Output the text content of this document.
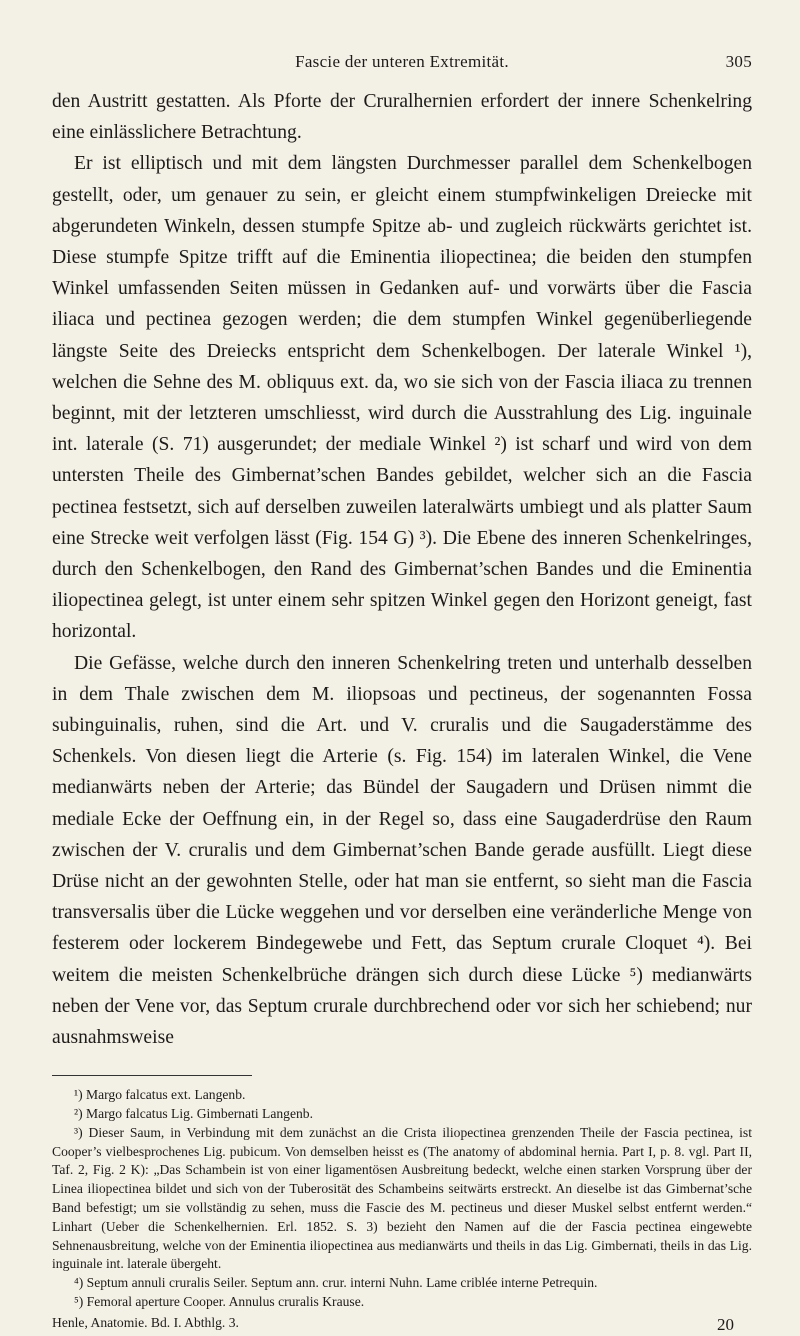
Fascie der unteren Extremität.	305

den Austritt gestatten. Als Pforte der Cruralhernien erfordert der innere Schenkelring eine einlässlichere Betrachtung.

Er ist elliptisch und mit dem längsten Durchmesser parallel dem Schenkelbogen gestellt, oder, um genauer zu sein, er gleicht einem stumpfwinkeligen Dreiecke mit abgerundeten Winkeln, dessen stumpfe Spitze ab- und zugleich rückwärts gerichtet ist. Diese stumpfe Spitze trifft auf die Eminentia iliopectinea; die beiden den stumpfen Winkel umfassenden Seiten müssen in Gedanken auf- und vorwärts über die Fascia iliaca und pectinea gezogen werden; die dem stumpfen Winkel gegenüberliegende längste Seite des Dreiecks entspricht dem Schenkelbogen. Der laterale Winkel ¹), welchen die Sehne des M. obliquus ext. da, wo sie sich von der Fascia iliaca zu trennen beginnt, mit der letzteren umschliesst, wird durch die Ausstrahlung des Lig. inguinale int. laterale (S. 71) ausgerundet; der mediale Winkel ²) ist scharf und wird von dem untersten Theile des Gimbernat’schen Bandes gebildet, welcher sich an die Fascia pectinea festsetzt, sich auf derselben zuweilen lateralwärts umbiegt und als platter Saum eine Strecke weit verfolgen lässt (Fig. 154 G) ³). Die Ebene des inneren Schenkelringes, durch den Schenkelbogen, den Rand des Gimbernat’schen Bandes und die Eminentia iliopectinea gelegt, ist unter einem sehr spitzen Winkel gegen den Horizont geneigt, fast horizontal.

Die Gefässe, welche durch den inneren Schenkelring treten und unterhalb desselben in dem Thale zwischen dem M. iliopsoas und pectineus, der sogenannten Fossa subinguinalis, ruhen, sind die Art. und V. cruralis und die Saugaderstämme des Schenkels. Von diesen liegt die Arterie (s. Fig. 154) im lateralen Winkel, die Vene medianwärts neben der Arterie; das Bündel der Saugadern und Drüsen nimmt die mediale Ecke der Oeffnung ein, in der Regel so, dass eine Saugaderdrüse den Raum zwischen der V. cruralis und dem Gimbernat’schen Bande gerade ausfüllt. Liegt diese Drüse nicht an der gewohnten Stelle, oder hat man sie entfernt, so sieht man die Fascia transversalis über die Lücke weggehen und vor derselben eine veränderliche Menge von festerem oder lockerem Bindegewebe und Fett, das Septum crurale Cloquet ⁴). Bei weitem die meisten Schenkelbrüche drängen sich durch diese Lücke ⁵) medianwärts neben der Vene vor, das Septum crurale durchbrechend oder vor sich her schiebend; nur ausnahmsweise

¹) Margo falcatus ext. Langenb.

²) Margo falcatus Lig. Gimbernati Langenb.

³) Dieser Saum, in Verbindung mit dem zunächst an die Crista iliopectinea grenzenden Theile der Fascia pectinea, ist Cooper’s vielbesprochenes Lig. pubicum. Von demselben heisst es (The anatomy of abdominal hernia. Part I, p. 8. vgl. Part II, Taf. 2, Fig. 2 K): „Das Schambein ist von einer ligamentösen Ausbreitung bedeckt, welche einen starken Vorsprung über der Linea iliopectinea bildet und sich von der Tuberosität des Schambeins seitwärts erstreckt. An dieselbe ist das Gimbernat’sche Band befestigt; um sie vollständig zu sehen, muss die Fascie des M. pectineus und dieser Muskel selbst entfernt werden.“ Linhart (Ueber die Schenkelhernien. Erl. 1852. S. 3) bezieht den Namen auf die der Fascia pectinea eingewebte Sehnenausbreitung, welche von der Eminentia iliopectinea aus medianwärts und theils in das Lig. Gimbernati, theils in das Lig. inguinale int. laterale übergeht.

⁴) Septum annuli cruralis Seiler. Septum ann. crur. interni Nuhn. Lame criblée interne Petrequin.

⁵) Femoral aperture Cooper. Annulus cruralis Krause.

Henle, Anatomie. Bd. I. Abthlg. 3.	20
